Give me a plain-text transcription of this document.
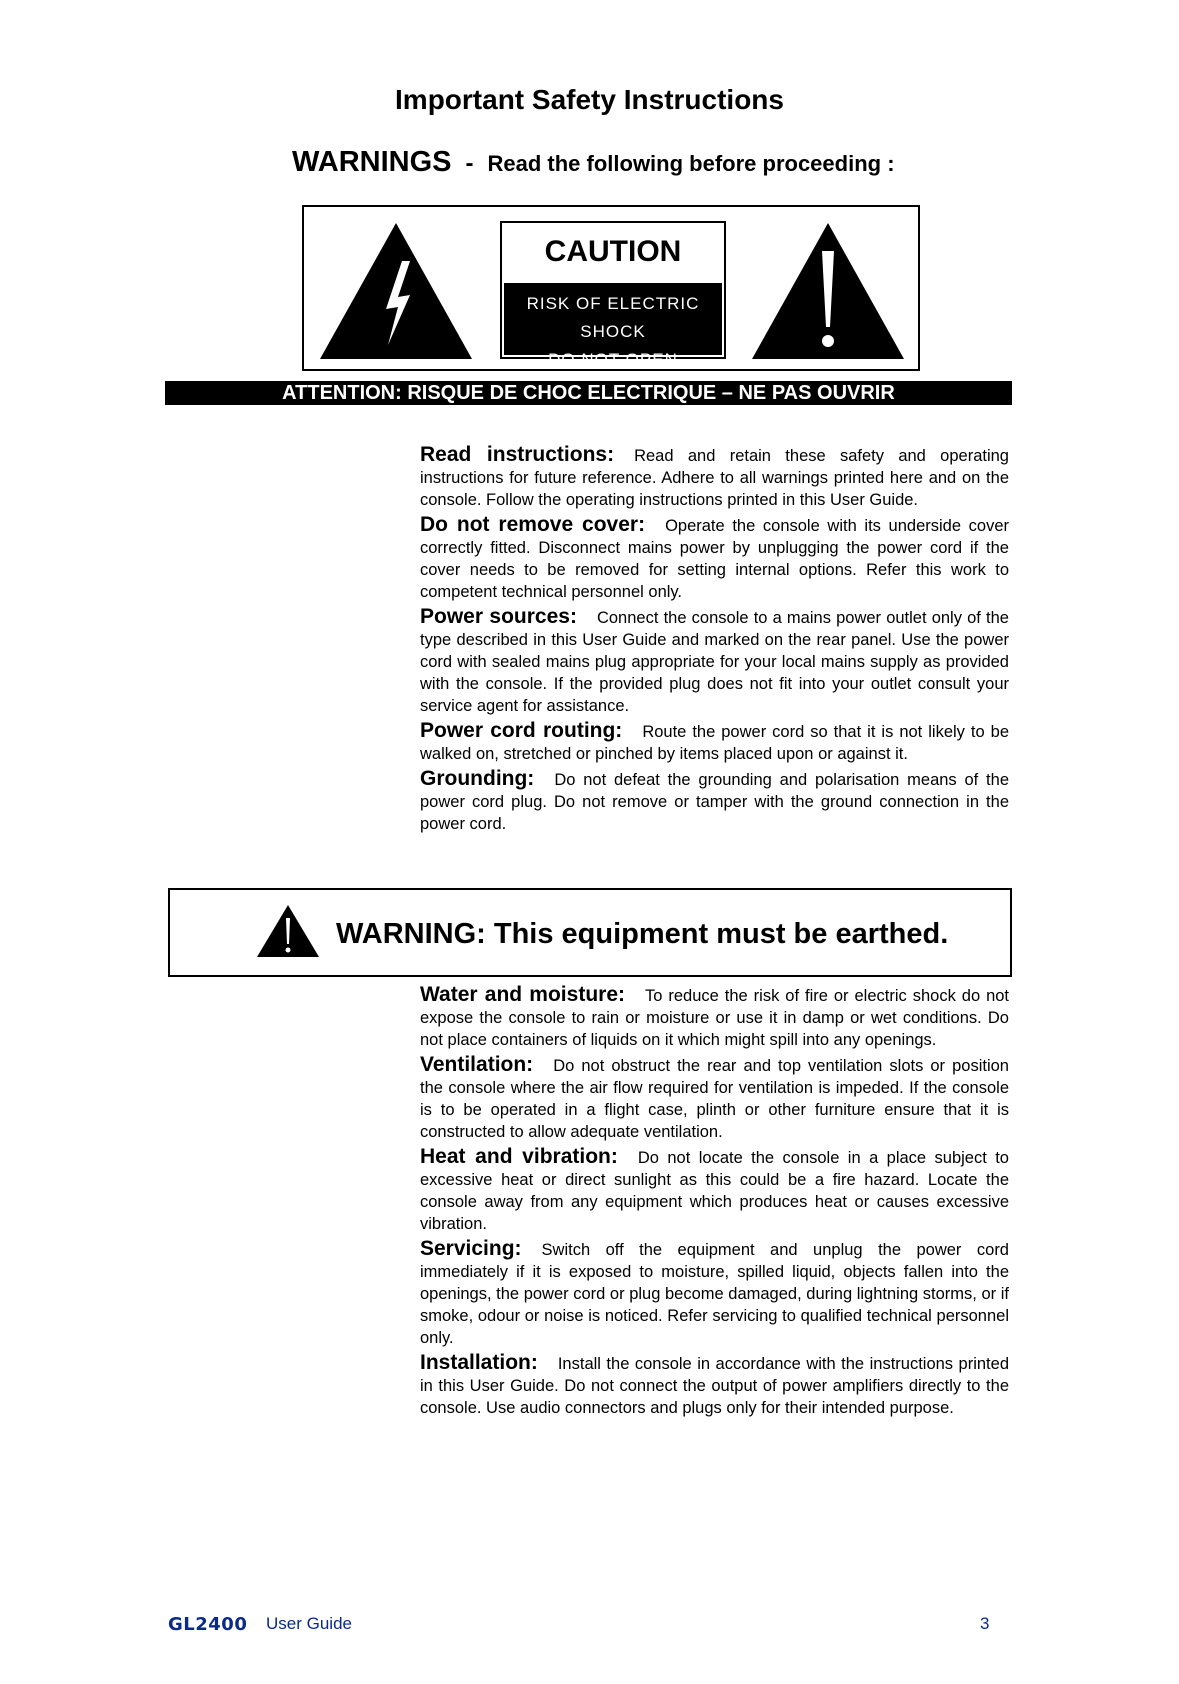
Important Safety Instructions
WARNINGS - Read the following before proceeding :
CAUTION
RISK OF ELECTRIC SHOCK
DO NOT OPEN
ATTENTION: RISQUE DE CHOC ELECTRIQUE – NE PAS OUVRIR

Read instructions: Read and retain these safety and operating instructions for future reference. Adhere to all warnings printed here and on the console. Follow the operating instructions printed in this User Guide.

Do not remove cover: Operate the console with its underside cover correctly fitted. Disconnect mains power by unplugging the power cord if the cover needs to be removed for setting internal options. Refer this work to competent technical personnel only.

Power sources: Connect the console to a mains power outlet only of the type described in this User Guide and marked on the rear panel. Use the power cord with sealed mains plug appropriate for your local mains supply as provided with the console. If the provided plug does not fit into your outlet consult your service agent for assistance.

Power cord routing: Route the power cord so that it is not likely to be walked on, stretched or pinched by items placed upon or against it.

Grounding: Do not defeat the grounding and polarisation means of the power cord plug. Do not remove or tamper with the ground connection in the power cord.

WARNING: This equipment must be earthed.

Water and moisture: To reduce the risk of fire or electric shock do not expose the console to rain or moisture or use it in damp or wet conditions. Do not place containers of liquids on it which might spill into any openings.

Ventilation: Do not obstruct the rear and top ventilation slots or position the console where the air flow required for ventilation is impeded. If the console is to be operated in a flight case, plinth or other furniture ensure that it is constructed to allow adequate ventilation.

Heat and vibration: Do not locate the console in a place subject to excessive heat or direct sunlight as this could be a fire hazard. Locate the console away from any equipment which produces heat or causes excessive vibration.

Servicing: Switch off the equipment and unplug the power cord immediately if it is exposed to moisture, spilled liquid, objects fallen into the openings, the power cord or plug become damaged, during lightning storms, or if smoke, odour or noise is noticed. Refer servicing to qualified technical personnel only.

Installation: Install the console in accordance with the instructions printed in this User Guide. Do not connect the output of power amplifiers directly to the console. Use audio connectors and plugs only for their intended purpose.

GL2400 User Guide	3
